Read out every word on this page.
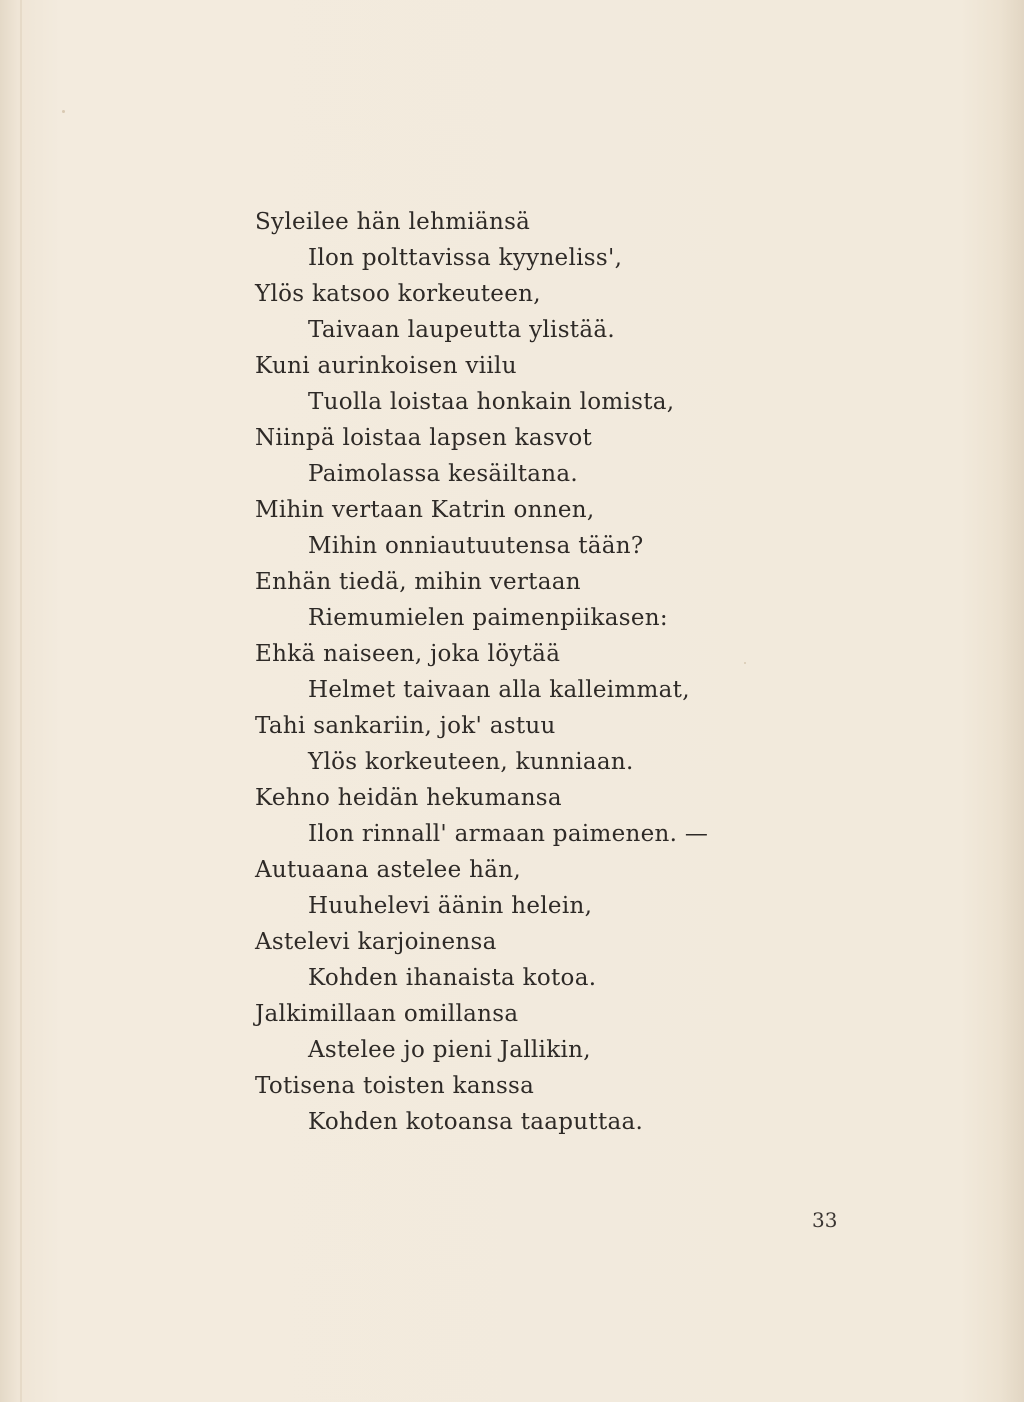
Syleilee hän lehmiänsä
Ilon polttavissa kyyneliss',
Ylös katsoo korkeuteen,
Taivaan laupeutta ylistää.
Kuni aurinkoisen viilu
Tuolla loistaa honkain lomista,
Niinpä loistaa lapsen kasvot
Paimolassa kesäiltana.
Mihin vertaan Katrin onnen,
Mihin onniautuutensa tään?
Enhän tiedä, mihin vertaan
Riemumielen paimenpiikasen:
Ehkä naiseen, joka löytää
Helmet taivaan alla kalleimmat,
Tahi sankariin, jok' astuu
Ylös korkeuteen, kunniaan.
Kehno heidän hekumansa
Ilon rinnall' armaan paimenen. —
Autuaana astelee hän,
Huuhelevi äänin helein,
Astelevi karjoinensa
Kohden ihanaista kotoa.
Jalkimillaan omillansa
Astelee jo pieni Jallikin,
Totisena toisten kanssa
Kohden kotoansa taaputtaa.
33
